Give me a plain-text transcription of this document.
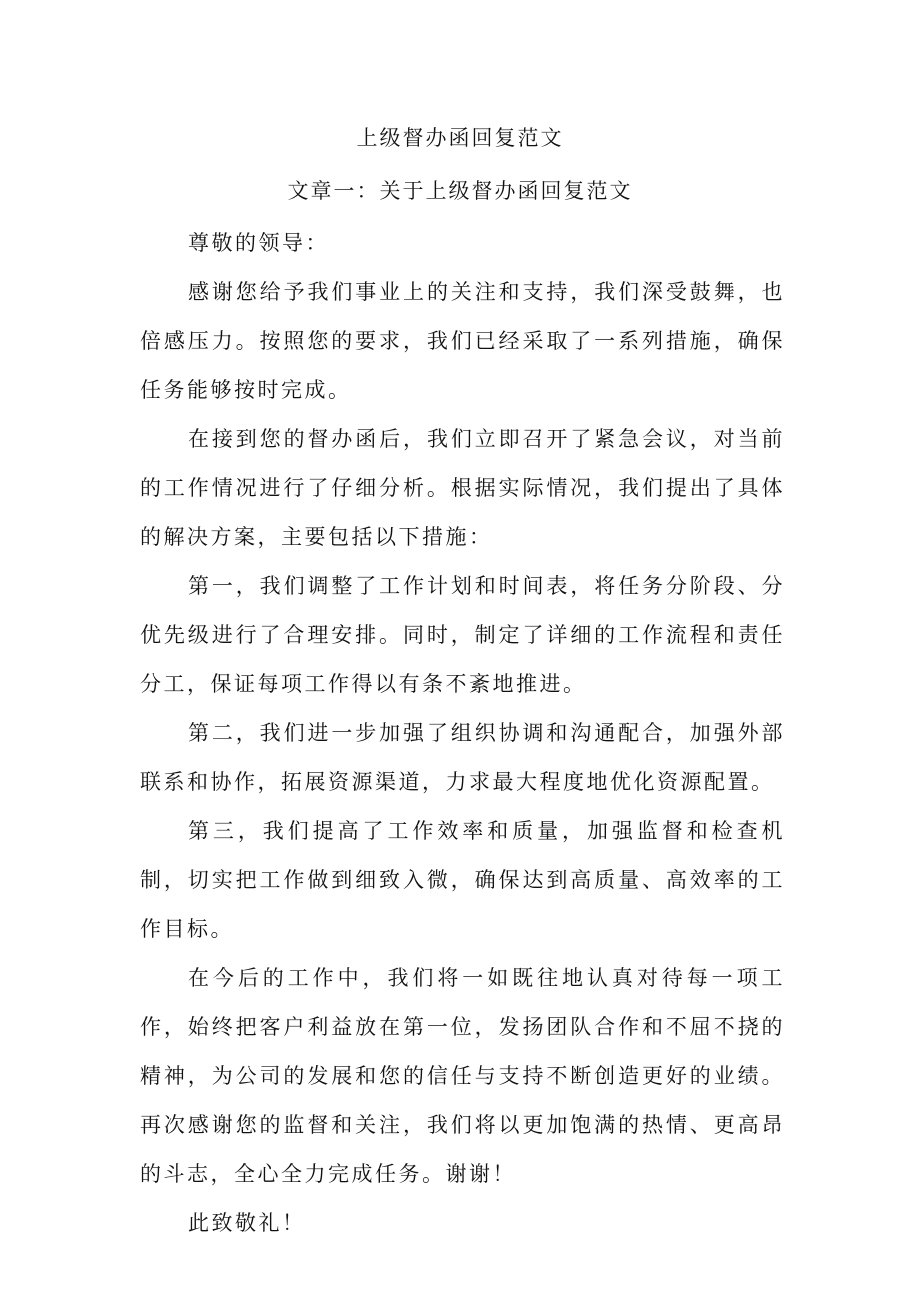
上级督办函回复范文
文章一：关于上级督办函回复范文

尊敬的领导：

感谢您给予我们事业上的关注和支持，我们深受鼓舞，也倍感压力。按照您的要求，我们已经采取了一系列措施，确保任务能够按时完成。

在接到您的督办函后，我们立即召开了紧急会议，对当前的工作情况进行了仔细分析。根据实际情况，我们提出了具体的解决方案，主要包括以下措施：

第一，我们调整了工作计划和时间表，将任务分阶段、分优先级进行了合理安排。同时，制定了详细的工作流程和责任分工，保证每项工作得以有条不紊地推进。

第二，我们进一步加强了组织协调和沟通配合，加强外部联系和协作，拓展资源渠道，力求最大程度地优化资源配置。

第三，我们提高了工作效率和质量，加强监督和检查机制，切实把工作做到细致入微，确保达到高质量、高效率的工作目标。

在今后的工作中，我们将一如既往地认真对待每一项工作，始终把客户利益放在第一位，发扬团队合作和不屈不挠的精神，为公司的发展和您的信任与支持不断创造更好的业绩。再次感谢您的监督和关注，我们将以更加饱满的热情、更高昂的斗志，全心全力完成任务。谢谢！

此致敬礼！
